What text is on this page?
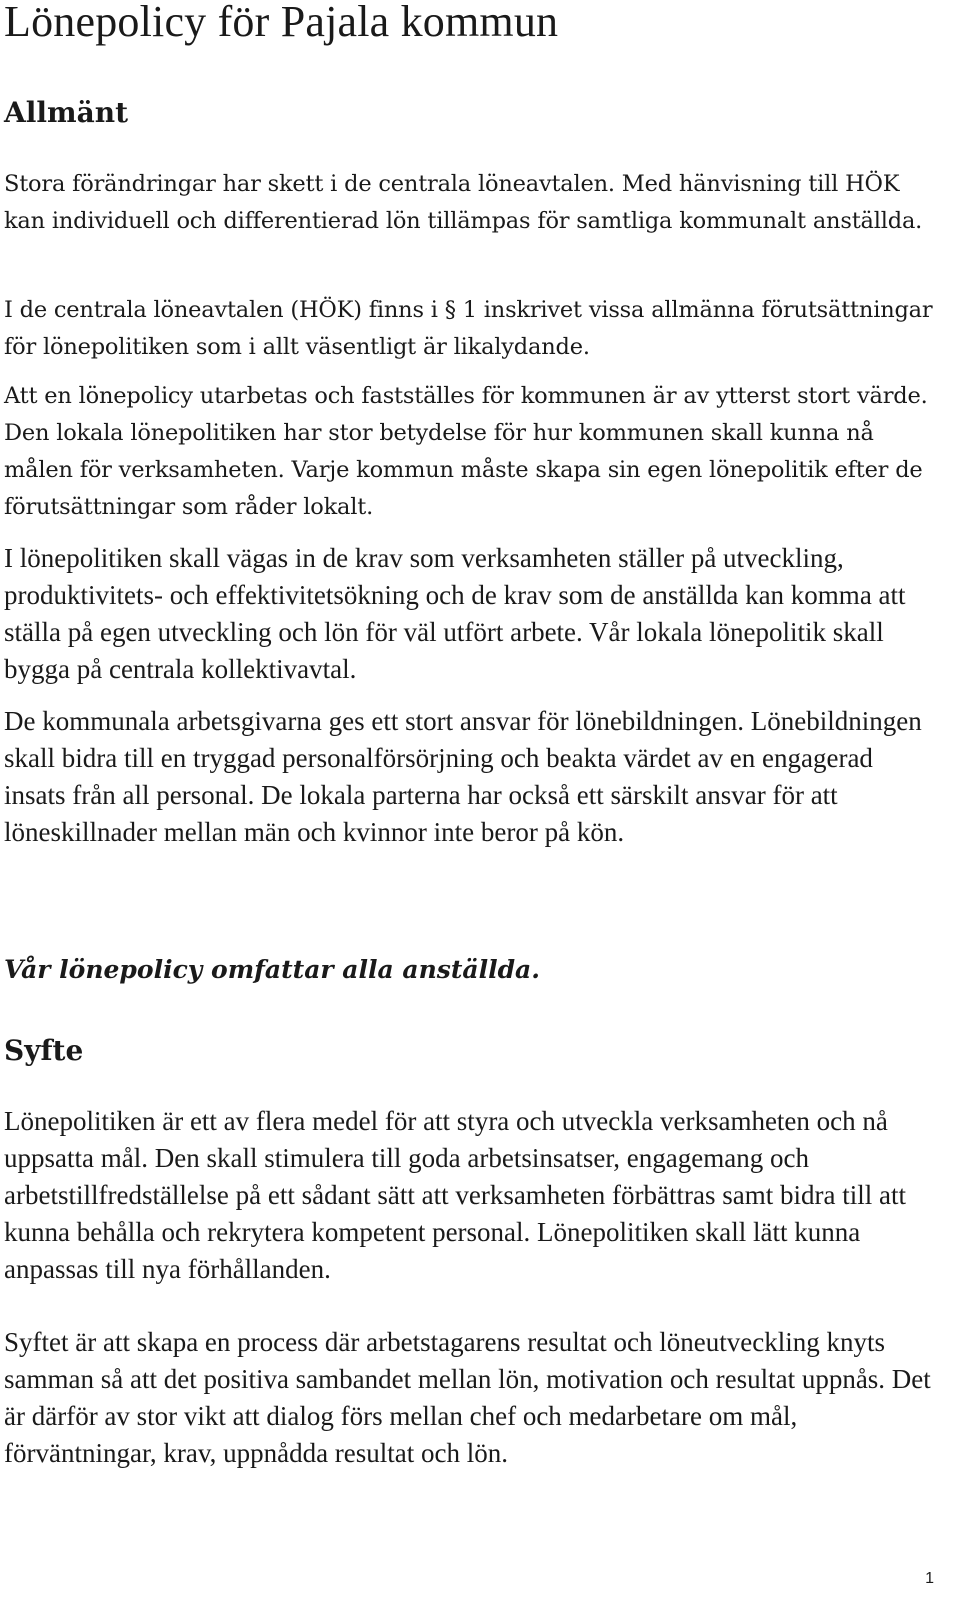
Lönepolicy för Pajala kommun
Allmänt

Stora förändringar har skett i de centrala löneavtalen. Med hänvisning till HÖK kan individuell och differentierad lön tillämpas för samtliga kommunalt anställda.

I de centrala löneavtalen (HÖK) finns i § 1 inskrivet vissa allmänna förutsättningar för lönepolitiken som i allt väsentligt är likalydande.

Att en lönepolicy utarbetas och fastställes för kommunen är av ytterst stort värde. Den lokala lönepolitiken har stor betydelse för hur kommunen skall kunna nå målen för verksamheten. Varje kommun måste skapa sin egen lönepolitik efter de förutsättningar som råder lokalt.

I lönepolitiken skall vägas in de krav som verksamheten ställer på utveckling, produktivitets- och effektivitetsökning och de krav som de anställda kan komma att ställa på egen utveckling och lön för väl utfört arbete. Vår lokala lönepolitik skall bygga på centrala kollektivavtal.

De kommunala arbetsgivarna ges ett stort ansvar för lönebildningen. Lönebildningen skall bidra till en tryggad personalförsörjning och beakta värdet av en engagerad insats från all personal. De lokala parterna har också ett särskilt ansvar för att löneskillnader mellan män och kvinnor inte beror på kön.

Vår lönepolicy omfattar alla anställda.

Syfte

Lönepolitiken är ett av flera medel för att styra och utveckla verksamheten och nå uppsatta mål. Den skall stimulera till goda arbetsinsatser, engagemang och arbetstillfredställelse på ett sådant sätt att verksamheten förbättras samt bidra till att kunna behålla och rekrytera kompetent personal. Lönepolitiken skall lätt kunna anpassas till nya förhållanden.

Syftet är att skapa en process där arbetstagarens resultat och löneutveckling knyts samman så att det positiva sambandet mellan lön, motivation och resultat uppnås. Det är därför av stor vikt att dialog förs mellan chef och medarbetare om mål, förväntningar, krav, uppnådda resultat och lön.

1
